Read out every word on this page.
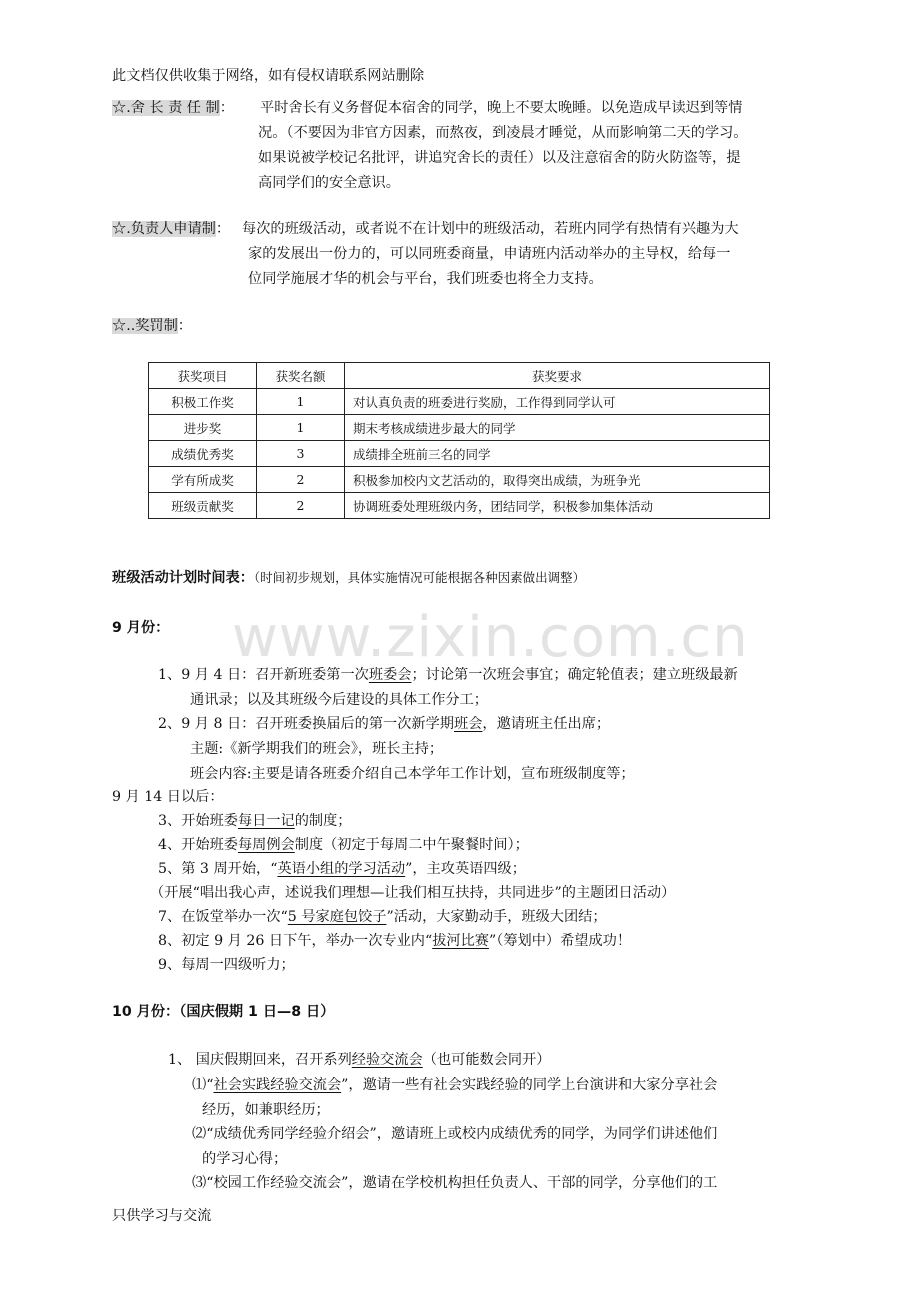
www.zixin.com.cn
此文档仅供收集于网络，如有侵权请联系网站删除
☆.舍 长 责 任 制： 平时舍长有义务督促本宿舍的同学，晚上不要太晚睡。以免造成早读迟到等情
况。（不要因为非官方因素，而熬夜，到凌晨才睡觉，从而影响第二天的学习。
如果说被学校记名批评，讲追究舍长的责任）以及注意宿舍的防火防盗等，提
高同学们的安全意识。
☆.负责人申请制： 每次的班级活动，或者说不在计划中的班级活动，若班内同学有热情有兴趣为大
家的发展出一份力的，可以同班委商量，申请班内活动举办的主导权，给每一
位同学施展才华的机会与平台，我们班委也将全力支持。
☆..奖罚制：
获奖项目	获奖名额	获奖要求
积极工作奖	1	对认真负责的班委进行奖励，工作得到同学认可
进步奖	1	期末考核成绩进步最大的同学
成绩优秀奖	3	成绩排全班前三名的同学
学有所成奖	2	积极参加校内文艺活动的，取得突出成绩，为班争光
班级贡献奖	2	协调班委处理班级内务，团结同学，积极参加集体活动
班级活动计划时间表：（时间初步规划，具体实施情况可能根据各种因素做出调整）
9 月份：
1、9 月 4 日：召开新班委第一次班委会；讨论第一次班会事宜；确定轮值表；建立班级最新
通讯录；以及其班级今后建设的具体工作分工；
2、9 月 8 日：召开班委换届后的第一次新学期班会，邀请班主任出席；
主题:《新学期我们的班会》，班长主持；
班会内容:主要是请各班委介绍自己本学年工作计划，宣布班级制度等；
9 月 14 日以后：
3、开始班委每日一记的制度；
4、开始班委每周例会制度（初定于每周二中午聚餐时间）；
5、第 3 周开始，“英语小组的学习活动”，主攻英语四级；
（开展“唱出我心声，述说我们理想—让我们相互扶持，共同进步”的主题团日活动）
7、在饭堂举办一次“5 号家庭包饺子”活动，大家勤动手，班级大团结；
8、初定 9 月 26 日下午，举办一次专业内“拔河比赛”（筹划中）希望成功！
9、每周一四级听力；
10 月份：（国庆假期 1 日—8 日）
1、 国庆假期回来，召开系列经验交流会（也可能数会同开）
⑴“社会实践经验交流会”，邀请一些有社会实践经验的同学上台演讲和大家分享社会
经历，如兼职经历；
⑵“成绩优秀同学经验介绍会”，邀请班上或校内成绩优秀的同学，为同学们讲述他们
的学习心得；
⑶“校园工作经验交流会”，邀请在学校机构担任负责人、干部的同学，分享他们的工
只供学习与交流
